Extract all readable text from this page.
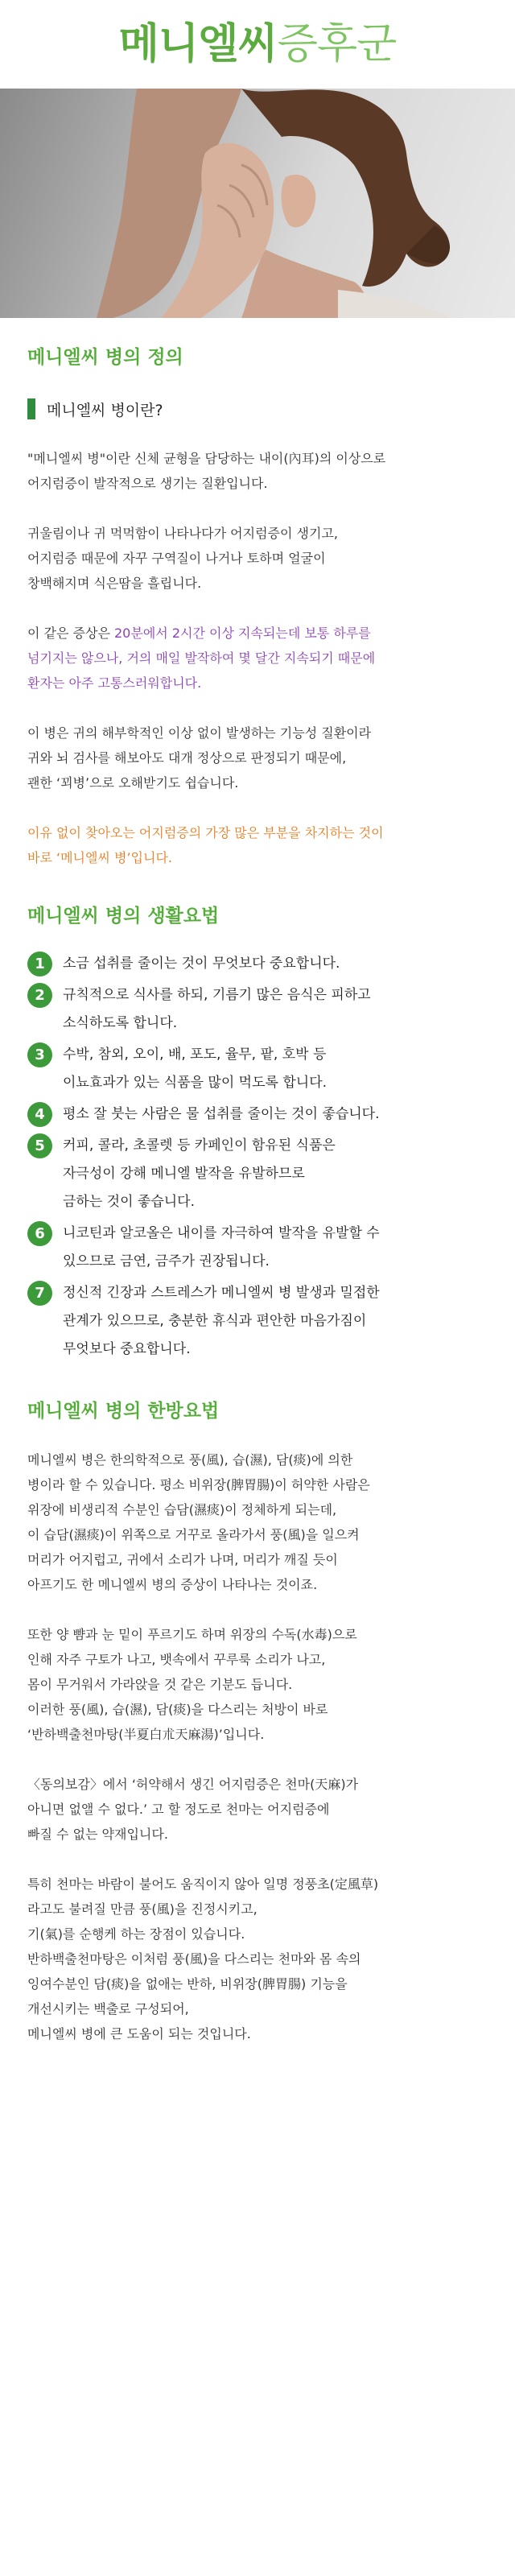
메니엘씨증후군
메니엘씨 병의 정의
메니엘씨 병이란?

"메니엘씨 병"이란 신체 균형을 담당하는 내이(內耳)의 이상으로
어지럼증이 발작적으로 생기는 질환입니다.

귀울림이나 귀 먹먹함이 나타나다가 어지럼증이 생기고,
어지럼증 때문에 자꾸 구역질이 나거나 토하며 얼굴이
창백해지며 식은땀을 흘립니다.

이 같은 증상은 20분에서 2시간 이상 지속되는데 보통 하루를
넘기지는 않으나, 거의 매일 발작하여 몇 달간 지속되기 때문에
환자는 아주 고통스러워합니다.

이 병은 귀의 해부학적인 이상 없이 발생하는 기능성 질환이라
귀와 뇌 검사를 해보아도 대개 정상으로 판정되기 때문에,
괜한 ‘꾀병’으로 오해받기도 쉽습니다.

이유 없이 찾아오는 어지럼증의 가장 많은 부분을 차지하는 것이
바로 ‘메니엘씨 병’입니다.

메니엘씨 병의 생활요법
1	소금 섭취를 줄이는 것이 무엇보다 중요합니다.
2	규칙적으로 식사를 하되, 기름기 많은 음식은 피하고
소식하도록 합니다.
3	수박, 참외, 오이, 배, 포도, 율무, 팥, 호박 등
이뇨효과가 있는 식품을 많이 먹도록 합니다.
4	평소 잘 붓는 사람은 물 섭취를 줄이는 것이 좋습니다.
5	커피, 콜라, 초콜렛 등 카페인이 함유된 식품은
자극성이 강해 메니엘 발작을 유발하므로
금하는 것이 좋습니다.
6	니코틴과 알코올은 내이를 자극하여 발작을 유발할 수
있으므로 금연, 금주가 권장됩니다.
7	정신적 긴장과 스트레스가 메니엘씨 병 발생과 밀접한
관계가 있으므로, 충분한 휴식과 편안한 마음가짐이
무엇보다 중요합니다.
메니엘씨 병의 한방요법

메니엘씨 병은 한의학적으로 풍(風), 습(濕), 담(痰)에 의한
병이라 할 수 있습니다. 평소 비위장(脾胃腸)이 허약한 사람은
위장에 비생리적 수분인 습담(濕痰)이 정체하게 되는데,
이 습담(濕痰)이 위쪽으로 거꾸로 올라가서 풍(風)을 일으켜
머리가 어지럽고, 귀에서 소리가 나며, 머리가 깨질 듯이
아프기도 한 메니엘씨 병의 증상이 나타나는 것이죠.

또한 양 뺨과 눈 밑이 푸르기도 하며 위장의 수독(水毒)으로
인해 자주 구토가 나고, 뱃속에서 꾸루룩 소리가 나고,
몸이 무거워서 가라앉을 것 같은 기분도 듭니다.
이러한 풍(風), 습(濕), 담(痰)을 다스리는 처방이 바로
‘반하백출천마탕(半夏白朮天麻湯)’입니다.

〈동의보감〉에서 ‘허약해서 생긴 어지럼증은 천마(天麻)가
아니면 없앨 수 없다.’ 고 할 정도로 천마는 어지럼증에
빠질 수 없는 약재입니다.

특히 천마는 바람이 불어도 움직이지 않아 일명 정풍초(定風草)
라고도 불려질 만큼 풍(風)을 진정시키고,
기(氣)를 순행케 하는 장점이 있습니다.
반하백출천마탕은 이처럼 풍(風)을 다스리는 천마와 몸 속의
잉여수분인 담(痰)을 없애는 반하, 비위장(脾胃腸) 기능을
개선시키는 백출로 구성되어,
메니엘씨 병에 큰 도움이 되는 것입니다.
